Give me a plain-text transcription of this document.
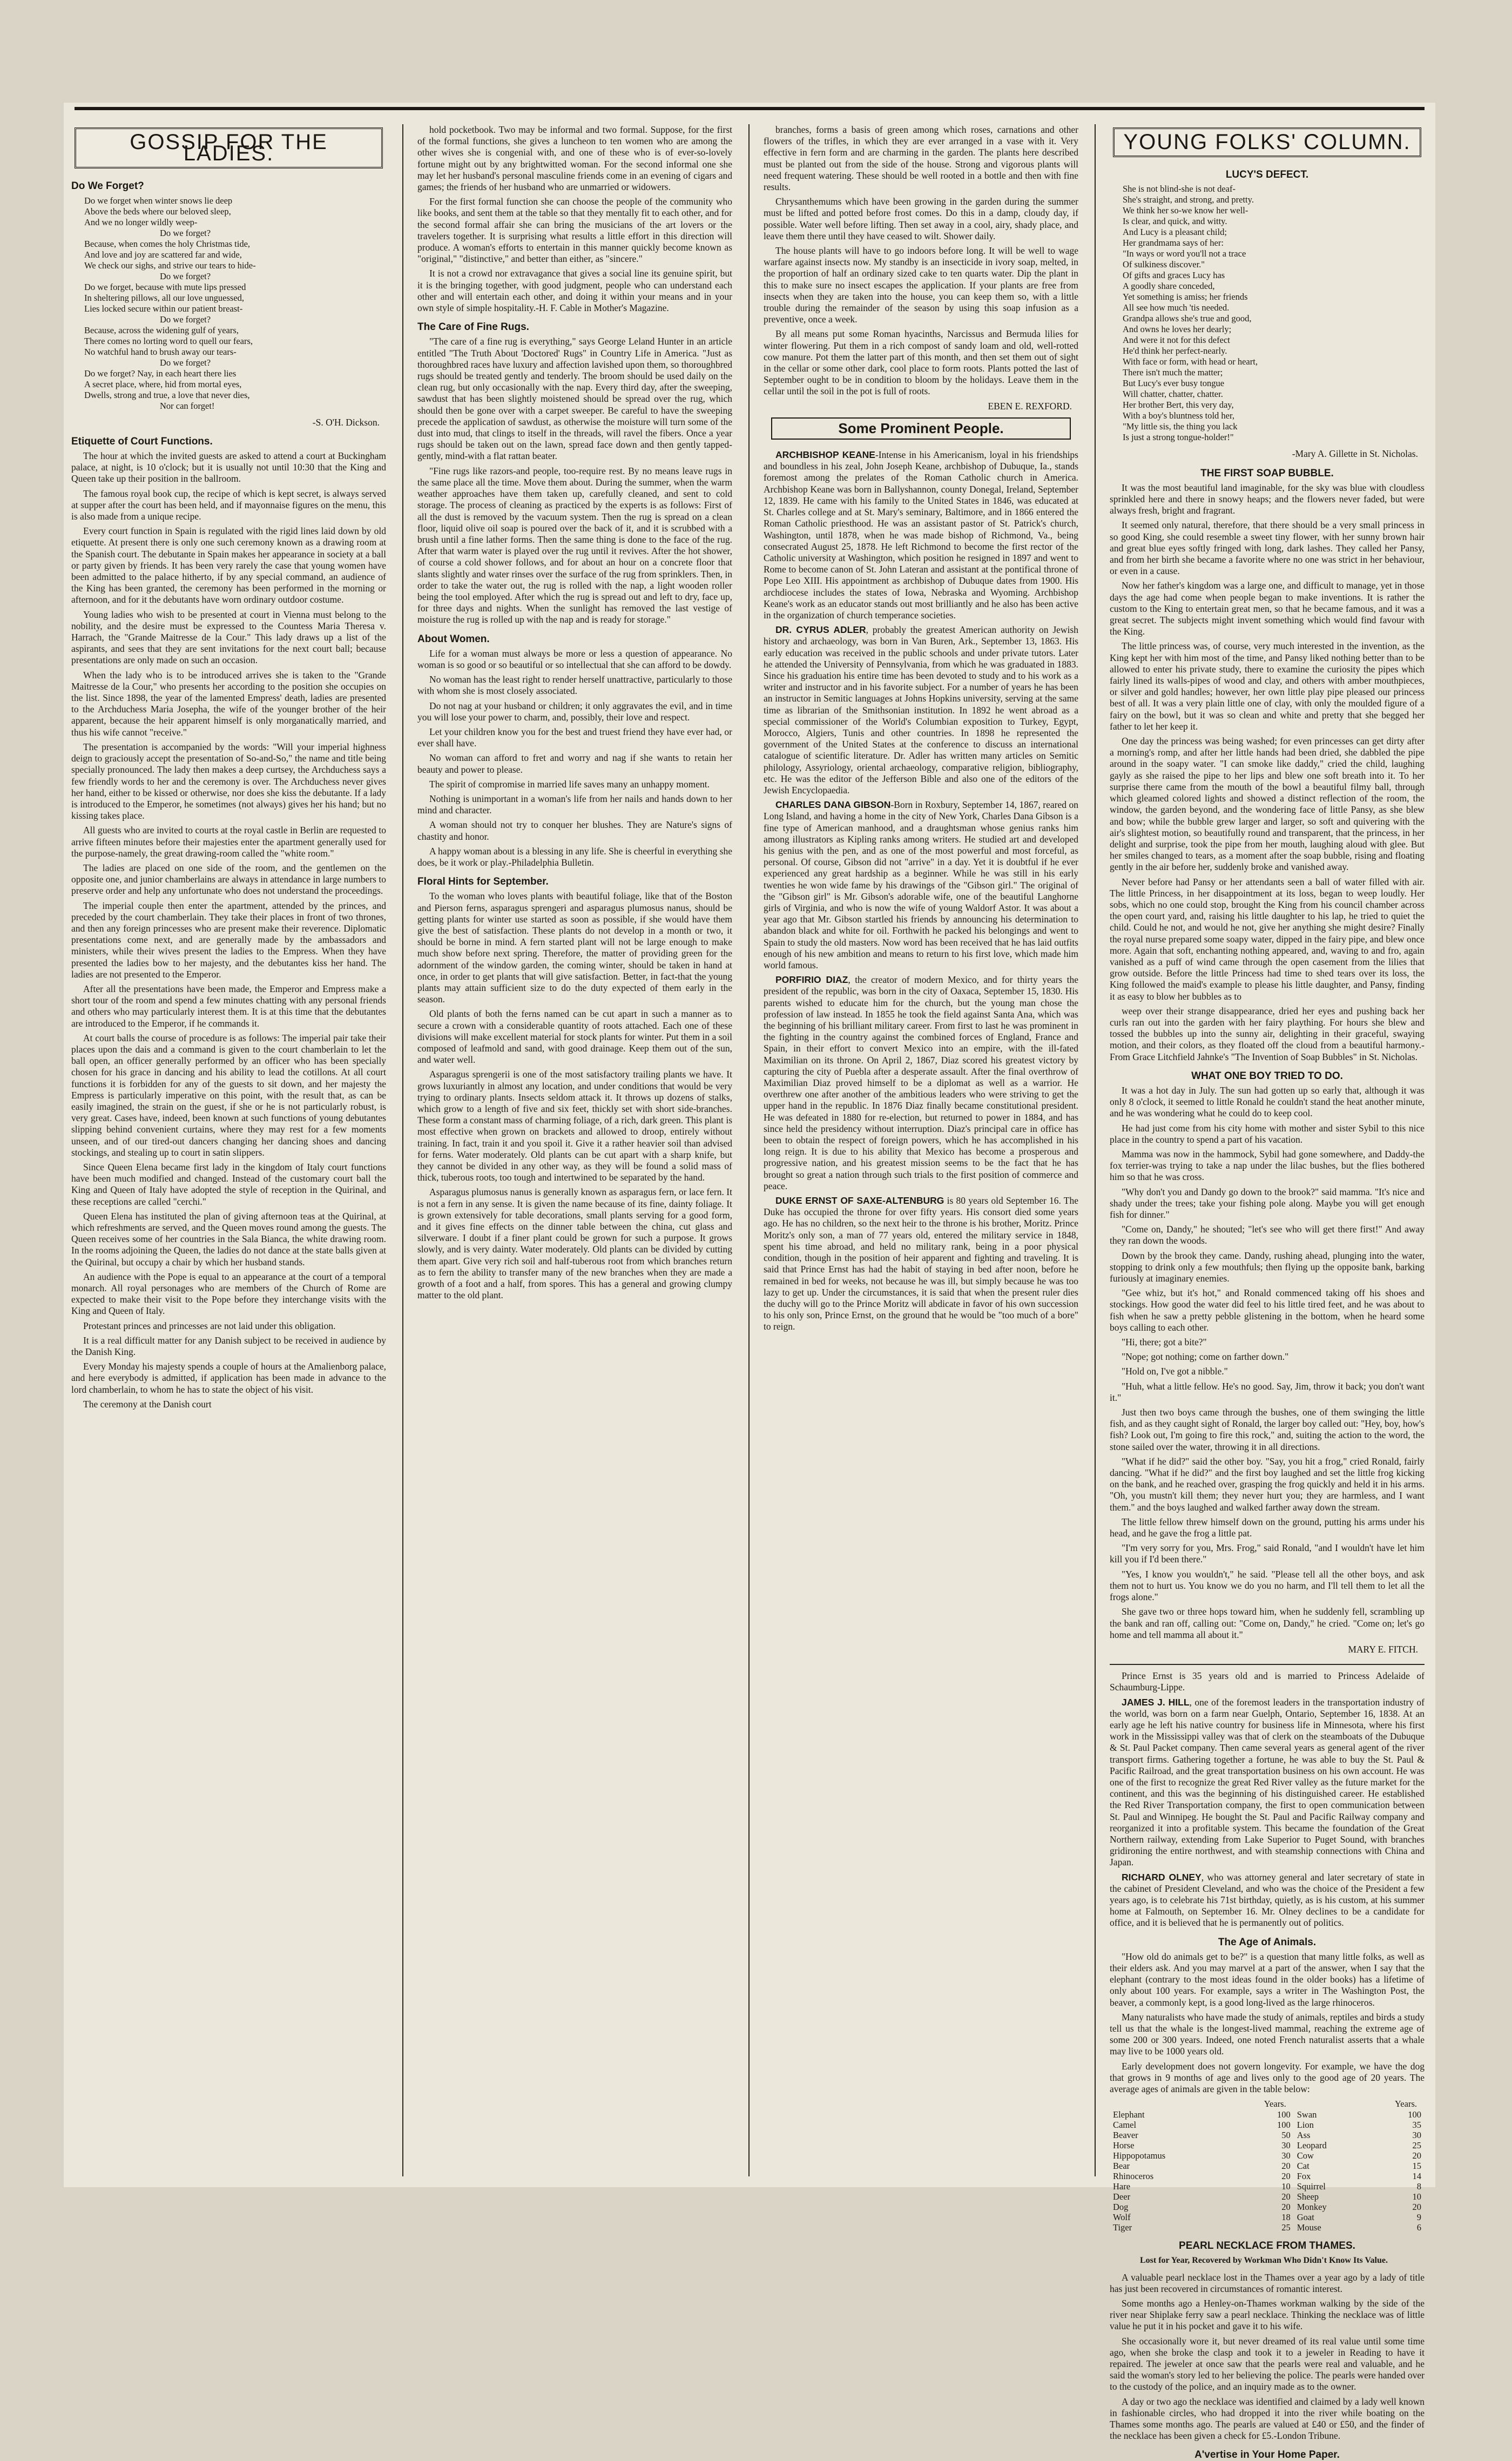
GOSSIP FOR THE LADIES.
Do We Forget?
Do we forget when winter snows lie deep
Above the beds where our beloved sleep,
And we no longer wildly weep-
Do we forget?
Because, when comes the holy Christmas tide,
And love and joy are scattered far and wide,
We check our sighs, and strive our tears to hide-
Do we forget?
Do we forget, because with mute lips pressed
In sheltering pillows, all our love unguessed,
Lies locked secure within our patient breast-
Do we forget?
Because, across the widening gulf of years,
There comes no lorting word to quell our fears,
No watchful hand to brush away our tears-
Do we forget?
Do we forget? Nay, in each heart there lies
A secret place, where, hid from mortal eyes,
Dwells, strong and true, a love that never dies,
Nor can forget!

-S. O'H. Dickson.

Etiquette of Court Functions.

The hour at which the invited guests are asked to attend a court at Buckingham palace, at night, is 10 o'clock; but it is usually not until 10:30 that the King and Queen take up their position in the ballroom.

The famous royal book cup, the recipe of which is kept secret, is always served at supper after the court has been held, and if mayonnaise figures on the menu, this is also made from a unique recipe.

Every court function in Spain is regulated with the rigid lines laid down by old etiquette. At present there is only one such ceremony known as a drawing room at the Spanish court. The debutante in Spain makes her appearance in society at a ball or party given by friends. It has been very rarely the case that young women have been admitted to the palace hitherto, if by any special command, an audience of the King has been granted, the ceremony has been performed in the morning or afternoon, and for it the debutants have worn ordinary outdoor costume.

Young ladies who wish to be presented at court in Vienna must belong to the nobility, and the desire must be expressed to the Countess Maria Theresa v. Harrach, the "Grande Maitresse de la Cour." This lady draws up a list of the aspirants, and sees that they are sent invitations for the next court ball; because presentations are only made on such an occasion.

When the lady who is to be introduced arrives she is taken to the "Grande Maitresse de la Cour," who presents her according to the position she occupies on the list. Since 1898, the year of the lamented Empress' death, ladies are presented to the Archduchess Maria Josepha, the wife of the younger brother of the heir apparent, because the heir apparent himself is only morganatically married, and thus his wife cannot "receive."

The presentation is accompanied by the words: "Will your imperial highness deign to graciously accept the presentation of So-and-So," the name and title being specially pronounced. The lady then makes a deep curtsey, the Archduchess says a few friendly words to her and the ceremony is over. The Archduchess never gives her hand, either to be kissed or otherwise, nor does she kiss the debutante. If a lady is introduced to the Emperor, he sometimes (not always) gives her his hand; but no kissing takes place.

All guests who are invited to courts at the royal castle in Berlin are requested to arrive fifteen minutes before their majesties enter the apartment generally used for the purpose-namely, the great drawing-room called the "white room."

The ladies are placed on one side of the room, and the gentlemen on the opposite one, and junior chamberlains are always in attendance in large numbers to preserve order and help any unfortunate who does not understand the proceedings.

The imperial couple then enter the apartment, attended by the princes, and preceded by the court chamberlain. They take their places in front of two thrones, and then any foreign princesses who are present make their reverence. Diplomatic presentations come next, and are generally made by the ambassadors and ministers, while their wives present the ladies to the Empress. When they have presented the ladies bow to her majesty, and the debutantes kiss her hand. The ladies are not presented to the Emperor.

After all the presentations have been made, the Emperor and Empress make a short tour of the room and spend a few minutes chatting with any personal friends and others who may particularly interest them. It is at this time that the debutantes are introduced to the Emperor, if he commands it.

At court balls the course of procedure is as follows: The imperial pair take their places upon the dais and a command is given to the court chamberlain to let the ball open, an officer generally performed by an officer who has been specially chosen for his grace in dancing and his ability to lead the cotillons. At all court functions it is forbidden for any of the guests to sit down, and her majesty the Empress is particularly imperative on this point, with the result that, as can be easily imagined, the strain on the guest, if she or he is not particularly robust, is very great. Cases have, indeed, been known at such functions of young debutantes slipping behind convenient curtains, where they may rest for a few moments unseen, and of our tired-out dancers changing her dancing shoes and dancing stockings, and stealing up to court in satin slippers.

Since Queen Elena became first lady in the kingdom of Italy court functions have been much modified and changed. Instead of the customary court ball the King and Queen of Italy have adopted the style of reception in the Quirinal, and these receptions are called "cerchi."

Queen Elena has instituted the plan of giving afternoon teas at the Quirinal, at which refreshments are served, and the Queen moves round among the guests. The Queen receives some of her countries in the Sala Bianca, the white drawing room. In the rooms adjoining the Queen, the ladies do not dance at the state balls given at the Quirinal, but occupy a chair by which her husband stands.

An audience with the Pope is equal to an appearance at the court of a temporal monarch. All royal personages who are members of the Church of Rome are expected to make their visit to the Pope before they interchange visits with the King and Queen of Italy.

Protestant princes and princesses are not laid under this obligation.

It is a real difficult matter for any Danish subject to be received in audience by the Danish King.

Every Monday his majesty spends a couple of hours at the Amalienborg palace, and here everybody is admitted, if application has been made in advance to the lord chamberlain, to whom he has to state the object of his visit.

The ceremony at the Danish court

hold pocketbook. Two may be informal and two formal. Suppose, for the first of the formal functions, she gives a luncheon to ten women who are among the other wives she is congenial with, and one of these who is of ever-so-lovely fortune might out by any brightwitted woman. For the second informal one she may let her husband's personal masculine friends come in an evening of cigars and games; the friends of her husband who are unmarried or widowers.

For the first formal function she can choose the people of the community who like books, and sent them at the table so that they mentally fit to each other, and for the second formal affair she can bring the musicians of the art lovers or the travelers together. It is surprising what results a little effort in this direction will produce. A woman's efforts to entertain in this manner quickly become known as "original," "distinctive," and better than either, as "sincere."

It is not a crowd nor extravagance that gives a social line its genuine spirit, but it is the bringing together, with good judgment, people who can understand each other and will entertain each other, and doing it within your means and in your own style of simple hospitality.-H. F. Cable in Mother's Magazine.

The Care of Fine Rugs.

"The care of a fine rug is everything," says George Leland Hunter in an article entitled "The Truth About 'Doctored' Rugs" in Country Life in America. "Just as thoroughbred races have luxury and affection lavished upon them, so thoroughbred rugs should be treated gently and tenderly. The broom should be used daily on the clean rug, but only occasionally with the nap. Every third day, after the sweeping, sawdust that has been slightly moistened should be spread over the rug, which should then be gone over with a carpet sweeper. Be careful to have the sweeping precede the application of sawdust, as otherwise the moisture will turn some of the dust into mud, that clings to itself in the threads, will ravel the fibers. Once a year rugs should be taken out on the lawn, spread face down and then gently tapped-gently, mind-with a flat rattan beater.

"Fine rugs like razors-and people, too-require rest. By no means leave rugs in the same place all the time. Move them about. During the summer, when the warm weather approaches have them taken up, carefully cleaned, and sent to cold storage. The process of cleaning as practiced by the experts is as follows: First of all the dust is removed by the vacuum system. Then the rug is spread on a clean floor, liquid olive oil soap is poured over the back of it, and it is scrubbed with a brush until a fine lather forms. Then the same thing is done to the face of the rug. After that warm water is played over the rug until it revives. After the hot shower, of course a cold shower follows, and for about an hour on a concrete floor that slants slightly and water rinses over the surface of the rug from sprinklers. Then, in order to take the water out, the rug is rolled with the nap, a light wooden roller being the tool employed. After which the rug is spread out and left to dry, face up, for three days and nights. When the sunlight has removed the last vestige of moisture the rug is rolled up with the nap and is ready for storage."

About Women.

Life for a woman must always be more or less a question of appearance. No woman is so good or so beautiful or so intellectual that she can afford to be dowdy.

No woman has the least right to render herself unattractive, particularly to those with whom she is most closely associated.

Do not nag at your husband or children; it only aggravates the evil, and in time you will lose your power to charm, and, possibly, their love and respect.

Let your children know you for the best and truest friend they have ever had, or ever shall have.

No woman can afford to fret and worry and nag if she wants to retain her beauty and power to please.

The spirit of compromise in married life saves many an unhappy moment.

Nothing is unimportant in a woman's life from her nails and hands down to her mind and character.

A woman should not try to conquer her blushes. They are Nature's signs of chastity and honor.

A happy woman about is a blessing in any life. She is cheerful in everything she does, be it work or play.-Philadelphia Bulletin.

Floral Hints for September.

To the woman who loves plants with beautiful foliage, like that of the Boston and Pierson ferns, asparagus sprengeri and asparagus plumosus nanus, should be getting plants for winter use started as soon as possible, if she would have them give the best of satisfaction. These plants do not develop in a month or two, it should be borne in mind. A fern started plant will not be large enough to make much show before next spring. Therefore, the matter of providing green for the adornment of the window garden, the coming winter, should be taken in hand at once, in order to get plants that will give satisfaction. Better, in fact-that the young plants may attain sufficient size to do the duty expected of them early in the season.

Old plants of both the ferns named can be cut apart in such a manner as to secure a crown with a considerable quantity of roots attached. Each one of these divisions will make excellent material for stock plants for winter. Put them in a soil composed of leafmold and sand, with good drainage. Keep them out of the sun, and water well.

Asparagus sprengerii is one of the most satisfactory trailing plants we have. It grows luxuriantly in almost any location, and under conditions that would be very trying to ordinary plants. Insects seldom attack it. It throws up dozens of stalks, which grow to a length of five and six feet, thickly set with short side-branches. These form a constant mass of charming foliage, of a rich, dark green. This plant is most effective when grown on brackets and allowed to droop, entirely without training. In fact, train it and you spoil it. Give it a rather heavier soil than advised for ferns. Water moderately. Old plants can be cut apart with a sharp knife, but they cannot be divided in any other way, as they will be found a solid mass of thick, tuberous roots, too tough and intertwined to be separated by the hand.

Asparagus plumosus nanus is generally known as asparagus fern, or lace fern. It is not a fern in any sense. It is given the name because of its fine, dainty foliage. It is grown extensively for table decorations, small plants serving for a good form, and it gives fine effects on the dinner table between the china, cut glass and silverware. I doubt if a finer plant could be grown for such a purpose. It grows slowly, and is very dainty. Water moderately. Old plants can be divided by cutting them apart. Give very rich soil and half-tuberous root from which branches return as to fern the ability to transfer many of the new branches when they are made a growth of a foot and a half, from spores. This has a general and growing clumpy matter to the old plant.

branches, forms a basis of green among which roses, carnations and other flowers of the trifles, in which they are ever arranged in a vase with it. Very effective in fern form and are charming in the garden. The plants here described must be planted out from the side of the house. Strong and vigorous plants will need frequent watering. These should be well rooted in a bottle and then with fine results.

Chrysanthemums which have been growing in the garden during the summer must be lifted and potted before frost comes. Do this in a damp, cloudy day, if possible. Water well before lifting. Then set away in a cool, airy, shady place, and leave them there until they have ceased to wilt. Shower daily.

The house plants will have to go indoors before long. It will be well to wage warfare against insects now. My standby is an insecticide in ivory soap, melted, in the proportion of half an ordinary sized cake to ten quarts water. Dip the plant in this to make sure no insect escapes the application. If your plants are free from insects when they are taken into the house, you can keep them so, with a little trouble during the remainder of the season by using this soap infusion as a preventive, once a week.

By all means put some Roman hyacinths, Narcissus and Bermuda lilies for winter flowering. Put them in a rich compost of sandy loam and old, well-rotted cow manure. Pot them the latter part of this month, and then set them out of sight in the cellar or some other dark, cool place to form roots. Plants potted the last of September ought to be in condition to bloom by the holidays. Leave them in the cellar until the soil in the pot is full of roots.

EBEN E. REXFORD.

Some Prominent People.

ARCHBISHOP KEANE-Intense in his Americanism, loyal in his friendships and boundless in his zeal, John Joseph Keane, archbishop of Dubuque, Ia., stands foremost among the prelates of the Roman Catholic church in America. Archbishop Keane was born in Ballyshannon, county Donegal, Ireland, September 12, 1839. He came with his family to the United States in 1846, was educated at St. Charles college and at St. Mary's seminary, Baltimore, and in 1866 entered the Roman Catholic priesthood. He was an assistant pastor of St. Patrick's church, Washington, until 1878, when he was made bishop of Richmond, Va., being consecrated August 25, 1878. He left Richmond to become the first rector of the Catholic university at Washington, which position he resigned in 1897 and went to Rome to become canon of St. John Lateran and assistant at the pontifical throne of Pope Leo XIII. His appointment as archbishop of Dubuque dates from 1900. His archdiocese includes the states of Iowa, Nebraska and Wyoming. Archbishop Keane's work as an educator stands out most brilliantly and he also has been active in the organization of church temperance societies.

DR. CYRUS ADLER, probably the greatest American authority on Jewish history and archaeology, was born in Van Buren, Ark., September 13, 1863. His early education was received in the public schools and under private tutors. Later he attended the University of Pennsylvania, from which he was graduated in 1883. Since his graduation his entire time has been devoted to study and to his work as a writer and instructor and in his favorite subject. For a number of years he has been an instructor in Semitic languages at Johns Hopkins university, serving at the same time as librarian of the Smithsonian institution. In 1892 he went abroad as a special commissioner of the World's Columbian exposition to Turkey, Egypt, Morocco, Algiers, Tunis and other countries. In 1898 he represented the government of the United States at the conference to discuss an international catalogue of scientific literature. Dr. Adler has written many articles on Semitic philology, Assyriology, oriental archaeology, comparative religion, bibliography, etc. He was the editor of the Jefferson Bible and also one of the editors of the Jewish Encyclopaedia.

CHARLES DANA GIBSON-Born in Roxbury, September 14, 1867, reared on Long Island, and having a home in the city of New York, Charles Dana Gibson is a fine type of American manhood, and a draughtsman whose genius ranks him among illustrators as Kipling ranks among writers. He studied art and developed his genius with the pen, and as one of the most powerful and most forceful, as personal. Of course, Gibson did not "arrive" in a day. Yet it is doubtful if he ever experienced any great hardship as a beginner. While he was still in his early twenties he won wide fame by his drawings of the "Gibson girl." The original of the "Gibson girl" is Mr. Gibson's adorable wife, one of the beautiful Langhorne girls of Virginia, and who is now the wife of young Waldorf Astor. It was about a year ago that Mr. Gibson startled his friends by announcing his determination to abandon black and white for oil. Forthwith he packed his belongings and went to Spain to study the old masters. Now word has been received that he has laid outfits enough of his new ambition and means to return to his first love, which made him world famous.

PORFIRIO DIAZ, the creator of modern Mexico, and for thirty years the president of the republic, was born in the city of Oaxaca, September 15, 1830. His parents wished to educate him for the church, but the young man chose the profession of law instead. In 1855 he took the field against Santa Ana, which was the beginning of his brilliant military career. From first to last he was prominent in the fighting in the country against the combined forces of England, France and Spain, in their effort to convert Mexico into an empire, with the ill-fated Maximilian on its throne. On April 2, 1867, Diaz scored his greatest victory by capturing the city of Puebla after a desperate assault. After the final overthrow of Maximilian Diaz proved himself to be a diplomat as well as a warrior. He overthrew one after another of the ambitious leaders who were striving to get the upper hand in the republic. In 1876 Diaz finally became constitutional president. He was defeated in 1880 for re-election, but returned to power in 1884, and has since held the presidency without interruption. Diaz's principal care in office has been to obtain the respect of foreign powers, which he has accomplished in his long reign. It is due to his ability that Mexico has become a prosperous and progressive nation, and his greatest mission seems to be the fact that he has brought so great a nation through such trials to the first position of commerce and peace.

DUKE ERNST OF SAXE-ALTENBURG is 80 years old September 16. The Duke has occupied the throne for over fifty years. His consort died some years ago. He has no children, so the next heir to the throne is his brother, Moritz. Prince Moritz's only son, a man of 77 years old, entered the military service in 1848, spent his time abroad, and held no military rank, being in a poor physical condition, though in the position of heir apparent and fighting and traveling. It is said that Prince Ernst has had the habit of staying in bed after noon, before he remained in bed for weeks, not because he was ill, but simply because he was too lazy to get up. Under the circumstances, it is said that when the present ruler dies the duchy will go to the Prince Moritz will abdicate in favor of his own succession to his only son, Prince Ernst, on the ground that he would be "too much of a bore" to reign.

YOUNG FOLKS' COLUMN.
LUCY'S DEFECT.
She is not blind-she is not deaf-
She's straight, and strong, and pretty.
We think her so-we know her well-
Is clear, and quick, and witty.
And Lucy is a pleasant child;
Her grandmama says of her:
"In ways or word you'll not a trace
Of sulkiness discover."
Of gifts and graces Lucy has
A goodly share conceded,
Yet something is amiss; her friends
All see how much 'tis needed.
Grandpa allows she's true and good,
And owns he loves her dearly;
And were it not for this defect
He'd think her perfect-nearly.
With face or form, with head or heart,
There isn't much the matter;
But Lucy's ever busy tongue
Will chatter, chatter, chatter.
Her brother Bert, this very day,
With a boy's bluntness told her,
"My little sis, the thing you lack
Is just a strong tongue-holder!"

-Mary A. Gillette in St. Nicholas.

THE FIRST SOAP BUBBLE.

It was the most beautiful land imaginable, for the sky was blue with cloudless sprinkled here and there in snowy heaps; and the flowers never faded, but were always fresh, bright and fragrant.

It seemed only natural, therefore, that there should be a very small princess in so good King, she could resemble a sweet tiny flower, with her sunny brown hair and great blue eyes softly fringed with long, dark lashes. They called her Pansy, and from her birth she became a favorite where no one was strict in her behaviour, or even in a cause.

Now her father's kingdom was a large one, and difficult to manage, yet in those days the age had come when people began to make inventions. It is rather the custom to the King to entertain great men, so that he became famous, and it was a great secret. The subjects might invent something which would find favour with the King.

The little princess was, of course, very much interested in the invention, as the King kept her with him most of the time, and Pansy liked nothing better than to be allowed to enter his private study, there to examine the curiosity the pipes which fairly lined its walls-pipes of wood and clay, and others with amber mouthpieces, or silver and gold handles; however, her own little play pipe pleased our princess best of all. It was a very plain little one of clay, with only the moulded figure of a fairy on the bowl, but it was so clean and white and pretty that she begged her father to let her keep it.

One day the princess was being washed; for even princesses can get dirty after a morning's romp, and after her little hands had been dried, she dabbled the pipe around in the soapy water. "I can smoke like daddy," cried the child, laughing gayly as she raised the pipe to her lips and blew one soft breath into it. To her surprise there came from the mouth of the bowl a beautiful filmy ball, through which gleamed colored lights and showed a distinct reflection of the room, the window, the garden beyond, and the wondering face of little Pansy, as she blew and bow; while the bubble grew larger and larger, so soft and quivering with the air's slightest motion, so beautifully round and transparent, that the princess, in her delight and surprise, took the pipe from her mouth, laughing aloud with glee. But her smiles changed to tears, as a moment after the soap bubble, rising and floating gently in the air before her, suddenly broke and vanished away.

Never before had Pansy or her attendants seen a ball of water filled with air. The little Princess, in her disappointment at its loss, began to weep loudly. Her sobs, which no one could stop, brought the King from his council chamber across the open court yard, and, raising his little daughter to his lap, he tried to quiet the child. Could he not, and would he not, give her anything she might desire? Finally the royal nurse prepared some soapy water, dipped in the fairy pipe, and blew once more. Again that soft, enchanting nothing appeared, and, waving to and fro, again vanished as a puff of wind came through the open casement from the lilies that grow outside. Before the little Princess had time to shed tears over its loss, the King followed the maid's example to please his little daughter, and Pansy, finding it as easy to blow her bubbles as to

weep over their strange disappearance, dried her eyes and pushing back her curls ran out into the garden with her fairy plaything. For hours she blew and tossed the bubbles up into the sunny air, delighting in their graceful, swaying motion, and their colors, as they floated off the cloud from a beautiful harmony.-From Grace Litchfield Jahnke's "The Invention of Soap Bubbles" in St. Nicholas.

WHAT ONE BOY TRIED TO DO.

It was a hot day in July. The sun had gotten up so early that, although it was only 8 o'clock, it seemed to little Ronald he couldn't stand the heat another minute, and he was wondering what he could do to keep cool.

He had just come from his city home with mother and sister Sybil to this nice place in the country to spend a part of his vacation.

Mamma was now in the hammock, Sybil had gone somewhere, and Daddy-the fox terrier-was trying to take a nap under the lilac bushes, but the flies bothered him so that he was cross.

"Why don't you and Dandy go down to the brook?" said mamma. "It's nice and shady under the trees; take your fishing pole along. Maybe you will get enough fish for dinner."

"Come on, Dandy," he shouted; "let's see who will get there first!" And away they ran down the woods.

Down by the brook they came. Dandy, rushing ahead, plunging into the water, stopping to drink only a few mouthfuls; then flying up the opposite bank, barking furiously at imaginary enemies.

"Gee whiz, but it's hot," and Ronald commenced taking off his shoes and stockings. How good the water did feel to his little tired feet, and he was about to fish when he saw a pretty pebble glistening in the bottom, when he heard some boys calling to each other.

"Hi, there; got a bite?"

"Nope; got nothing; come on farther down."

"Hold on, I've got a nibble."

"Huh, what a little fellow. He's no good. Say, Jim, throw it back; you don't want it."

Just then two boys came through the bushes, one of them swinging the little fish, and as they caught sight of Ronald, the larger boy called out: "Hey, boy, how's fish? Look out, I'm going to fire this rock," and, suiting the action to the word, the stone sailed over the water, throwing it in all directions.

"What if he did?" said the other boy. "Say, you hit a frog," cried Ronald, fairly dancing. "What if he did?" and the first boy laughed and set the little frog kicking on the bank, and he reached over, grasping the frog quickly and held it in his arms. "Oh, you mustn't kill them; they never hurt you; they are harmless, and I want them." and the boys laughed and walked farther away down the stream.

The little fellow threw himself down on the ground, putting his arms under his head, and he gave the frog a little pat.

"I'm very sorry for you, Mrs. Frog," said Ronald, "and I wouldn't have let him kill you if I'd been there."

"Yes, I know you wouldn't," he said. "Please tell all the other boys, and ask them not to hurt us. You know we do you no harm, and I'll tell them to let all the frogs alone."

She gave two or three hops toward him, when he suddenly fell, scrambling up the bank and ran off, calling out: "Come on, Dandy," he cried. "Come on; let's go home and tell mamma all about it."

MARY E. FITCH.

Prince Ernst is 35 years old and is married to Princess Adelaide of Schaumburg-Lippe.

JAMES J. HILL, one of the foremost leaders in the transportation industry of the world, was born on a farm near Guelph, Ontario, September 16, 1838. At an early age he left his native country for business life in Minnesota, where his first work in the Mississippi valley was that of clerk on the steamboats of the Dubuque & St. Paul Packet company. Then came several years as general agent of the river transport firms. Gathering together a fortune, he was able to buy the St. Paul & Pacific Railroad, and the great transportation business on his own account. He was one of the first to recognize the great Red River valley as the future market for the continent, and this was the beginning of his distinguished career. He established the Red River Transportation company, the first to open communication between St. Paul and Winnipeg. He bought the St. Paul and Pacific Railway company and reorganized it into a profitable system. This became the foundation of the Great Northern railway, extending from Lake Superior to Puget Sound, with branches gridironing the entire northwest, and with steamship connections with China and Japan.

RICHARD OLNEY, who was attorney general and later secretary of state in the cabinet of President Cleveland, and who was the choice of the President a few years ago, is to celebrate his 71st birthday, quietly, as is his custom, at his summer home at Falmouth, on September 16. Mr. Olney declines to be a candidate for office, and it is believed that he is permanently out of politics.

The Age of Animals.

"How old do animals get to be?" is a question that many little folks, as well as their elders ask. And you may marvel at a part of the answer, when I say that the elephant (contrary to the most ideas found in the older books) has a lifetime of only about 100 years. For example, says a writer in The Washington Post, the beaver, a commonly kept, is a good long-lived as the large rhinoceros.

Many naturalists who have made the study of animals, reptiles and birds a study tell us that the whale is the longest-lived mammal, reaching the extreme age of some 200 or 300 years. Indeed, one noted French naturalist asserts that a whale may live to be 1000 years old.

Early development does not govern longevity. For example, we have the dog that grows in 9 months of age and lives only to the good age of 20 years. The average ages of animals are given in the table below:

Years.		Years.	
Elephant	100	Swan	100
Camel	100	Lion	35
Beaver	50	Ass	30
Horse	30	Leopard	25
Hippopotamus	30	Cow	20
Bear	20	Cat	15
Rhinoceros	20	Fox	14
Hare	10	Squirrel	8
Deer	20	Sheep	10
Dog	20	Monkey	20
Wolf	18	Goat	9
Tiger	25	Mouse	6
PEARL NECKLACE FROM THAMES.

Lost for Year, Recovered by Workman Who Didn't Know Its Value.

A valuable pearl necklace lost in the Thames over a year ago by a lady of title has just been recovered in circumstances of romantic interest.

Some months ago a Henley-on-Thames workman walking by the side of the river near Shiplake ferry saw a pearl necklace. Thinking the necklace was of little value he put it in his pocket and gave it to his wife.

She occasionally wore it, but never dreamed of its real value until some time ago, when she broke the clasp and took it to a jeweler in Reading to have it repaired. The jeweler at once saw that the pearls were real and valuable, and he said the woman's story led to her believing the police. The pearls were handed over to the custody of the police, and an inquiry made as to the owner.

A day or two ago the necklace was identified and claimed by a lady well known in fashionable circles, who had dropped it into the river while boating on the Thames some months ago. The pearls are valued at £40 or £50, and the finder of the necklace has been given a check for £5.-London Tribune.

A'vertise in Your Home Paper.
